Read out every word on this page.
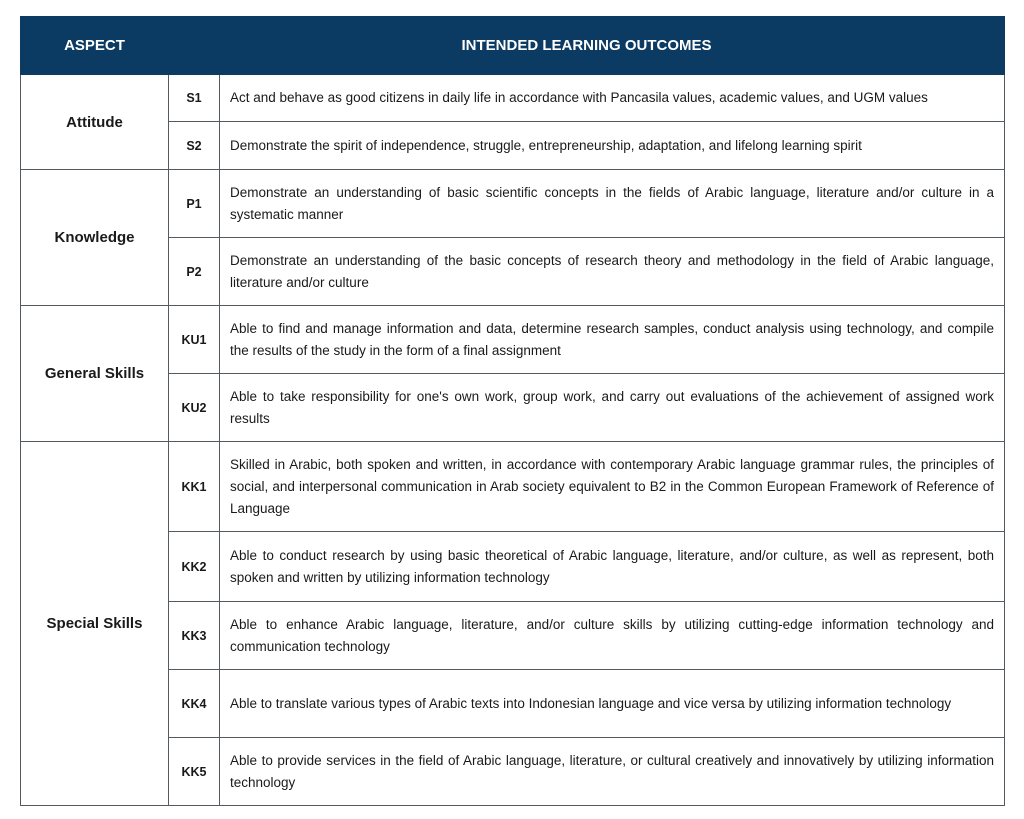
ASPECT	INTENDED LEARNING OUTCOMES	
Attitude	S1	Act and behave as good citizens in daily life in accordance with Pancasila values, academic values, and UGM values
	S2	Demonstrate the spirit of independence, struggle, entrepreneurship, adaptation, and lifelong learning spirit
Knowledge	P1	Demonstrate an understanding of basic scientific concepts in the fields of Arabic language, literature and/or culture in a systematic manner
	P2	Demonstrate an understanding of the basic concepts of research theory and methodology in the field of Arabic language, literature and/or culture
General Skills	KU1	Able to find and manage information and data, determine research samples, conduct analysis using technology, and compile the results of the study in the form of a final assignment
	KU2	Able to take responsibility for one's own work, group work, and carry out evaluations of the achievement of assigned work results
Special Skills	KK1	Skilled in Arabic, both spoken and written, in accordance with contemporary Arabic language grammar rules, the principles of social, and interpersonal communication in Arab society equivalent to B2 in the Common European Framework of Reference of Language
	KK2	Able to conduct research by using basic theoretical of Arabic language, literature, and/or culture, as well as represent, both spoken and written by utilizing information technology
	KK3	Able to enhance Arabic language, literature, and/or culture skills by utilizing cutting-edge information technology and communication technology
	KK4	Able to translate various types of Arabic texts into Indonesian language and vice versa by utilizing information technology
	KK5	Able to provide services in the field of Arabic language, literature, or cultural creatively and innovatively by utilizing information technology
